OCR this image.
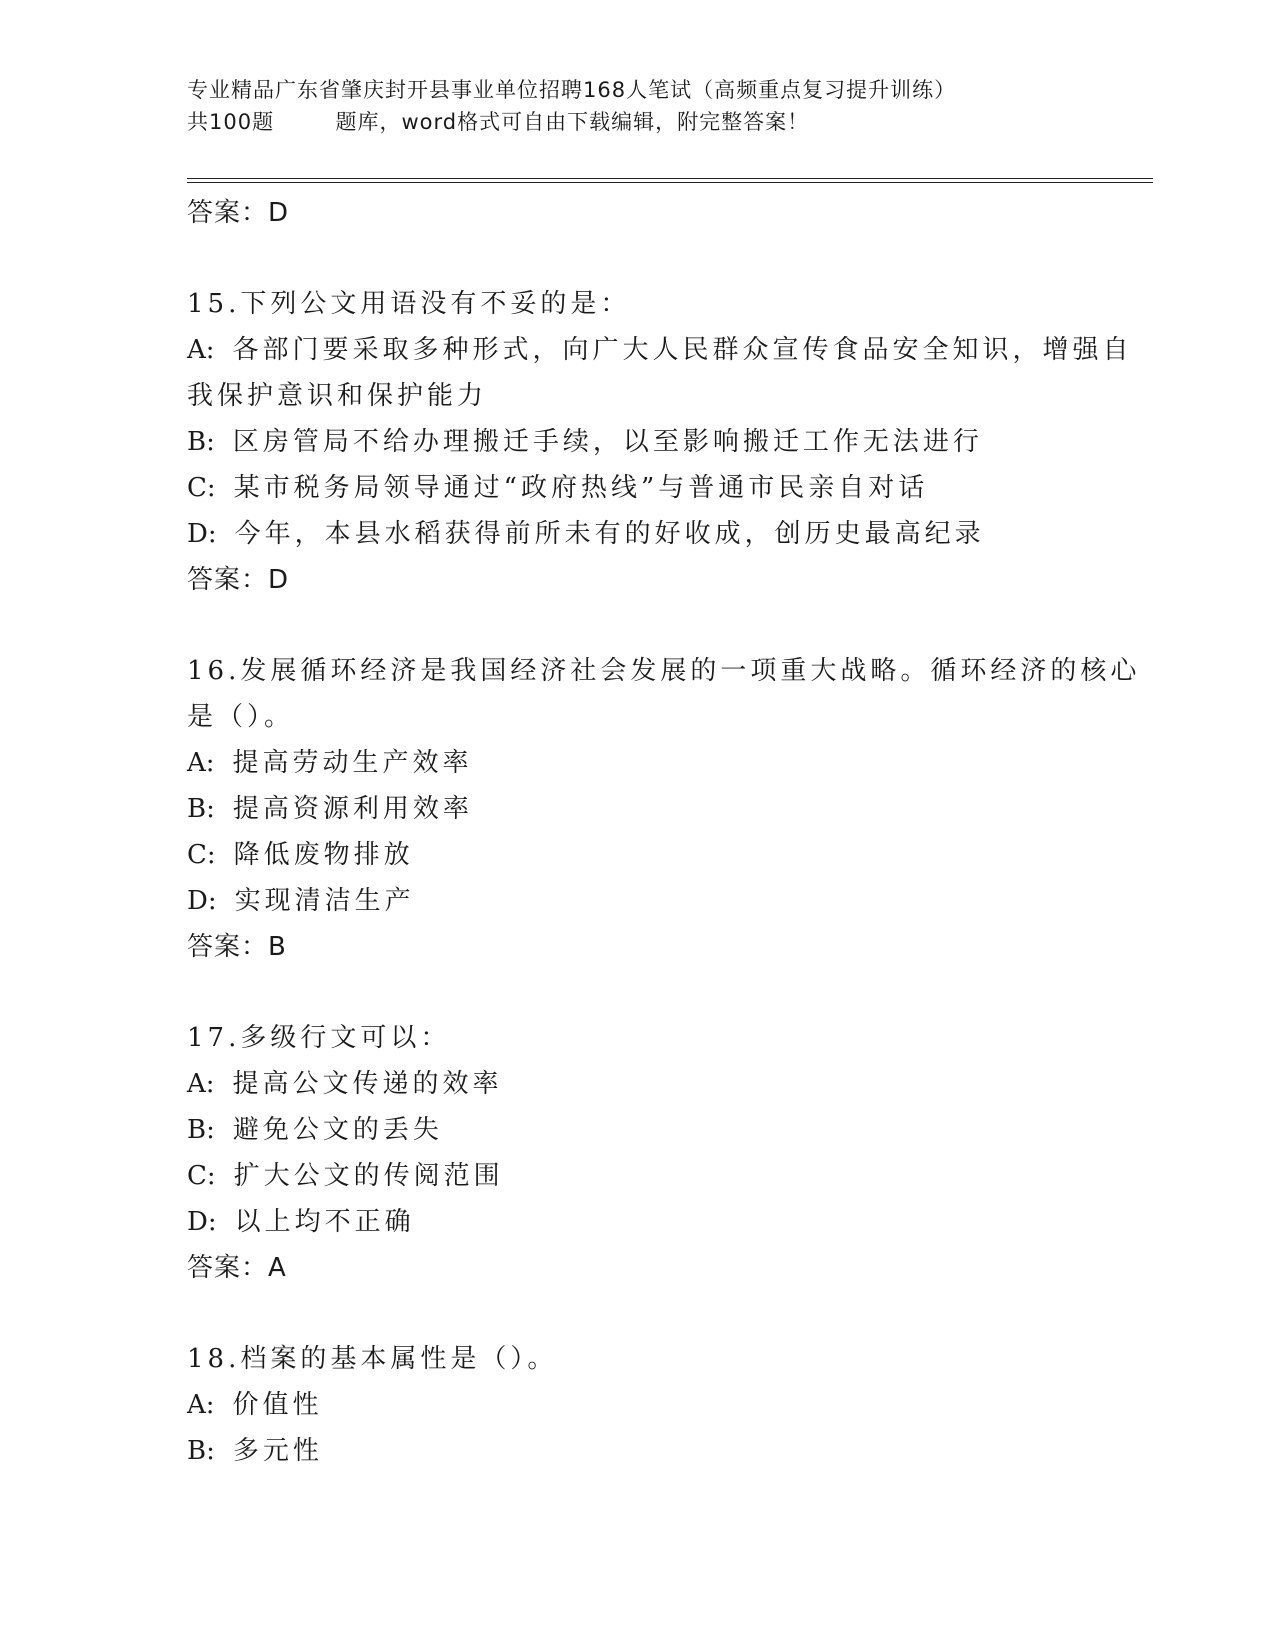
专业精品广东省肇庆封开县事业单位招聘168人笔试（高频重点复习提升训练）
共100题        题库，word格式可自由下载编辑，附完整答案！
答案：D
15.下列公文用语没有不妥的是：
A: 各部门要采取多种形式，向广大人民群众宣传食品安全知识，增强自我保护意识和保护能力
B: 区房管局不给办理搬迁手续，以至影响搬迁工作无法进行
C: 某市税务局领导通过“政府热线”与普通市民亲自对话
D: 今年，本县水稻获得前所未有的好收成，创历史最高纪录
答案：D
16.发展循环经济是我国经济社会发展的一项重大战略。循环经济的核心是（）。
A: 提高劳动生产效率
B: 提高资源利用效率
C: 降低废物排放
D: 实现清洁生产
答案：B
17.多级行文可以：
A: 提高公文传递的效率
B: 避免公文的丢失
C: 扩大公文的传阅范围
D: 以上均不正确
答案：A
18.档案的基本属性是（）。
A: 价值性
B: 多元性
